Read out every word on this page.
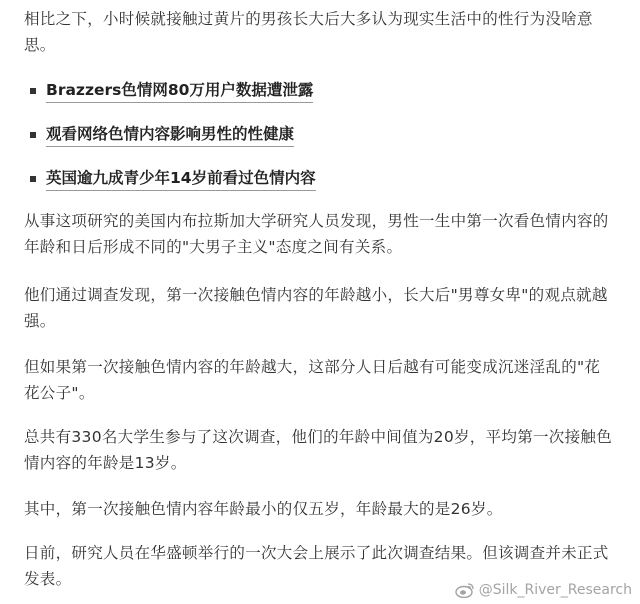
相比之下，小时候就接触过黄片的男孩长大后大多认为现实生活中的性行为没啥意思。

Brazzers色情网80万用户数据遭泄露
观看网络色情内容影响男性的性健康
英国逾九成青少年14岁前看过色情内容

从事这项研究的美国内布拉斯加大学研究人员发现，男性一生中第一次看色情内容的年龄和日后形成不同的"大男子主义"态度之间有关系。

他们通过调查发现，第一次接触色情内容的年龄越小，长大后"男尊女卑"的观点就越强。

但如果第一次接触色情内容的年龄越大，这部分人日后越有可能变成沉迷淫乱的"花花公子"。

总共有330名大学生参与了这次调查，他们的年龄中间值为20岁，平均第一次接触色情内容的年龄是13岁。

其中，第一次接触色情内容年龄最小的仅五岁，年龄最大的是26岁。

日前，研究人员在华盛顿举行的一次大会上展示了此次调查结果。但该调查并未正式发表。

@Silk_River_Research
